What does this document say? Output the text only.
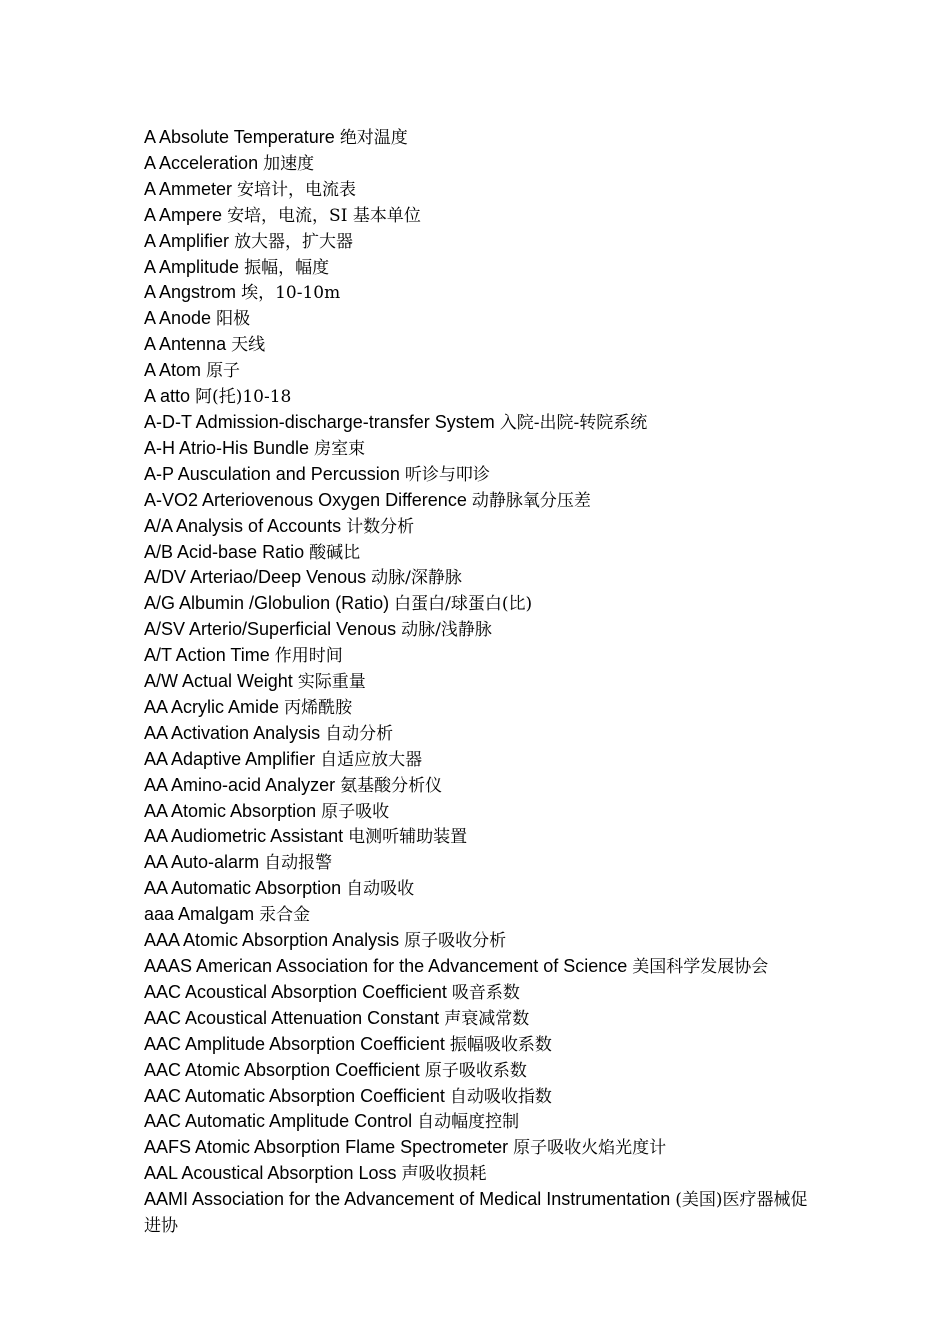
A Absolute Temperature 绝对温度
A Acceleration 加速度
A Ammeter 安培计，电流表
A Ampere 安培，电流，SI 基本单位
A Amplifier 放大器，扩大器
A Amplitude 振幅，幅度
A Angstrom 埃，10-10m
A Anode 阳极
A Antenna 天线
A Atom 原子
A atto 阿(托)10-18
A-D-T Admission-discharge-transfer System 入院-出院-转院系统
A-H Atrio-His Bundle 房室束
A-P Ausculation and Percussion 听诊与叩诊
A-VO2 Arteriovenous Oxygen Difference 动静脉氧分压差
A/A Analysis of Accounts 计数分析
A/B Acid-base Ratio 酸碱比
A/DV Arteriao/Deep Venous 动脉/深静脉
A/G Albumin /Globulion (Ratio) 白蛋白/球蛋白(比)
A/SV Arterio/Superficial Venous 动脉/浅静脉
A/T Action Time 作用时间
A/W Actual Weight 实际重量
AA Acrylic Amide 丙烯酰胺
AA Activation Analysis 自动分析
AA Adaptive Amplifier 自适应放大器
AA Amino-acid Analyzer 氨基酸分析仪
AA Atomic Absorption 原子吸收
AA Audiometric Assistant 电测听辅助装置
AA Auto-alarm 自动报警
AA Automatic Absorption 自动吸收
aaa Amalgam 汞合金
AAA Atomic Absorption Analysis 原子吸收分析
AAAS American Association for the Advancement of Science 美国科学发展协会
AAC Acoustical Absorption Coefficient 吸音系数
AAC Acoustical Attenuation Constant 声衰减常数
AAC Amplitude Absorption Coefficient 振幅吸收系数
AAC Atomic Absorption Coefficient 原子吸收系数
AAC Automatic Absorption Coefficient 自动吸收指数
AAC Automatic Amplitude Control 自动幅度控制
AAFS Atomic Absorption Flame Spectrometer 原子吸收火焰光度计
AAL Acoustical Absorption Loss 声吸收损耗
AAMI Association for the Advancement of Medical Instrumentation (美国)医疗器械促进协
